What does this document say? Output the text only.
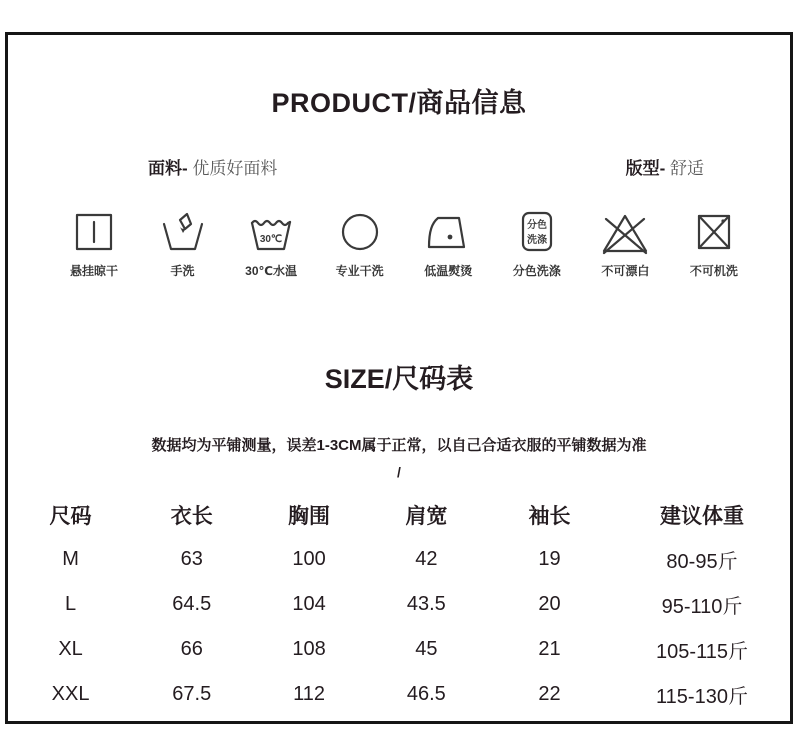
PRODUCT/商品信息
面料- 优质好面料	版型- 舒适
悬挂晾干	手洗
30℃
30℃水温	专业干洗	低温熨烫
分色
洗涤
分色洗涤	不可漂白	不可机洗
SIZE/尺码表

数据均为平铺测量，误差1-3CM属于正常，以自己合适衣服的平铺数据为准

/

尺码	衣长	胸围	肩宽	袖长	建议体重
M	63	100	42	19	80-95斤
L	64.5	104	43.5	20	95-110斤
XL	66	108	45	21	105-115斤
XXL	67.5	112	46.5	22	115-130斤
